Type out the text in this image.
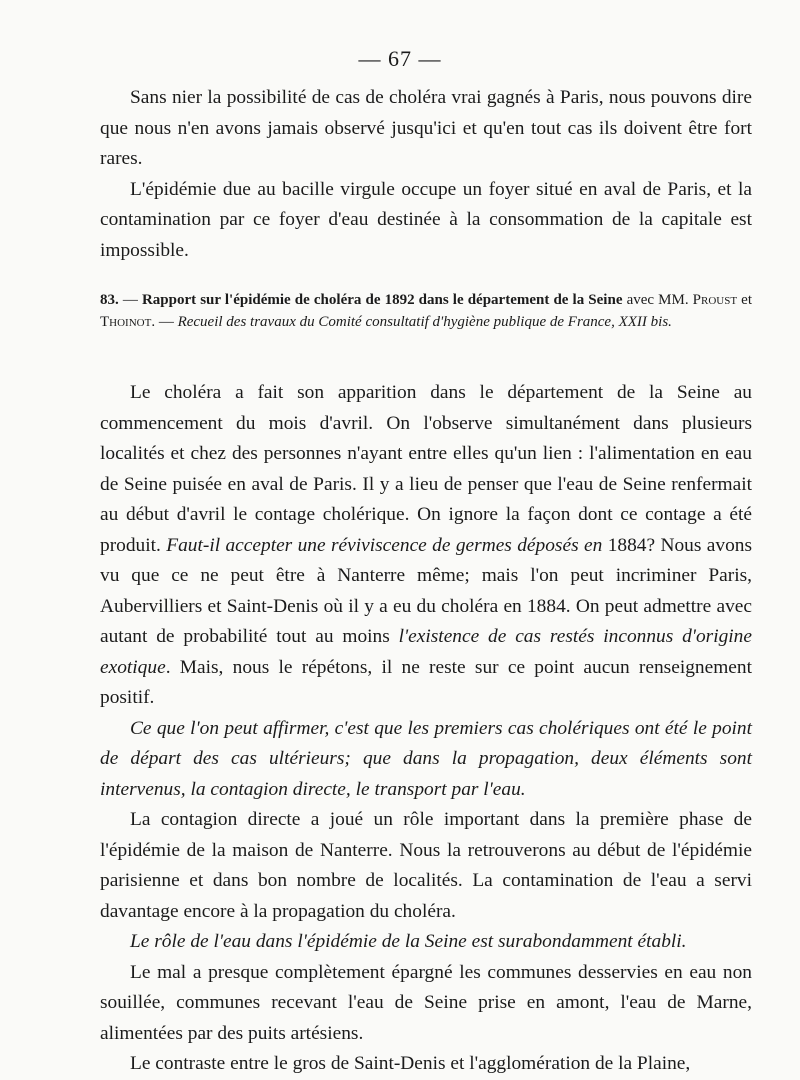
— 67 —

Sans nier la possibilité de cas de choléra vrai gagnés à Paris, nous pouvons dire que nous n'en avons jamais observé jusqu'ici et qu'en tout cas ils doivent être fort rares.

L'épidémie due au bacille virgule occupe un foyer situé en aval de Paris, et la contamination par ce foyer d'eau destinée à la consommation de la capitale est impossible.

83. — Rapport sur l'épidémie de choléra de 1892 dans le département de la Seine avec MM. Proust et Thoinot. — Recueil des travaux du Comité consultatif d'hygiène publique de France, XXII bis.

Le choléra a fait son apparition dans le département de la Seine au commencement du mois d'avril. On l'observe simultanément dans plusieurs localités et chez des personnes n'ayant entre elles qu'un lien : l'alimentation en eau de Seine puisée en aval de Paris. Il y a lieu de penser que l'eau de Seine renfermait au début d'avril le contage cholérique. On ignore la façon dont ce contage a été produit. Faut-il accepter une réviviscence de germes déposés en 1884? Nous avons vu que ce ne peut être à Nanterre même; mais l'on peut incriminer Paris, Aubervilliers et Saint-Denis où il y a eu du choléra en 1884. On peut admettre avec autant de probabilité tout au moins l'existence de cas restés inconnus d'origine exotique. Mais, nous le répétons, il ne reste sur ce point aucun renseignement positif.

Ce que l'on peut affirmer, c'est que les premiers cas cholériques ont été le point de départ des cas ultérieurs; que dans la propagation, deux éléments sont intervenus, la contagion directe, le transport par l'eau.

La contagion directe a joué un rôle important dans la première phase de l'épidémie de la maison de Nanterre. Nous la retrouverons au début de l'épidémie parisienne et dans bon nombre de localités. La contamination de l'eau a servi davantage encore à la propagation du choléra.

Le rôle de l'eau dans l'épidémie de la Seine est surabondamment établi.

Le mal a presque complètement épargné les communes desservies en eau non souillée, communes recevant l'eau de Seine prise en amont, l'eau de Marne, alimentées par des puits artésiens.

Le contraste entre le gros de Saint-Denis et l'agglomération de la Plaine,
